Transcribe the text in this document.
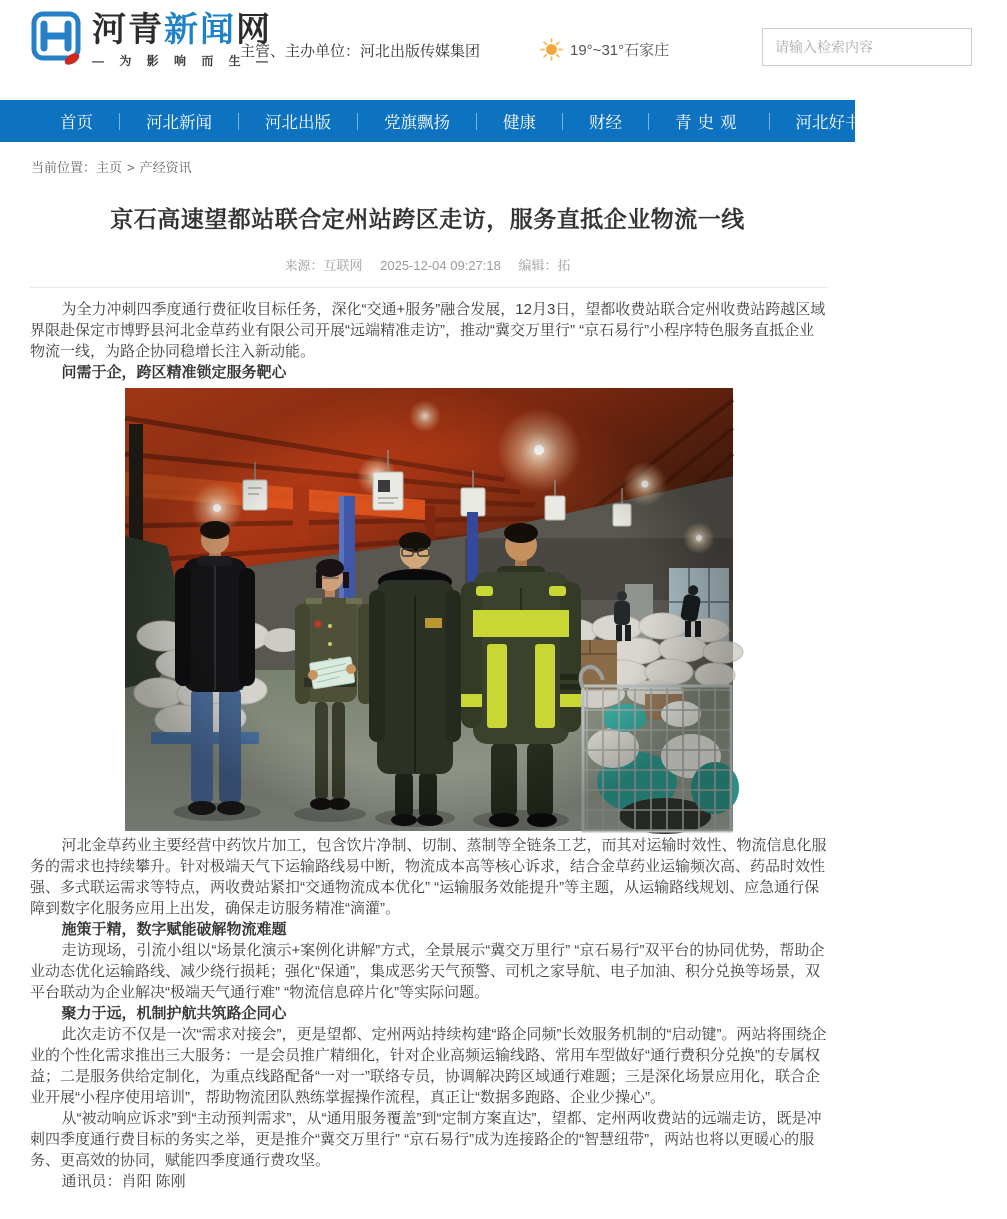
河青新闻网
— 为 影 响 而 生 —
主管、主办单位：河北出版传媒集团	19°~31°石家庄
请输入检索内容
首页	河北新闻	河北出版	党旗飘扬	健康	财经	青史观	河北好书	全民辟谣
当前位置：主页 > 产经资讯
京石高速望都站联合定州站跨区走访，服务直抵企业物流一线
来源：互联网 2025-12-04 09:27:18 编辑：拓

为全力冲刺四季度通行费征收目标任务，深化“交通+服务”融合发展，12月3日，望都收费站联合定州收费站跨越区域界限赴保定市博野县河北金草药业有限公司开展“远端精准走访”，推动“冀交万里行” “京石易行”小程序特色服务直抵企业物流一线，为路企协同稳增长注入新动能。

问需于企，跨区精准锁定服务靶心

河北金草药业主要经营中药饮片加工，包含饮片净制、切制、蒸制等全链条工艺，而其对运输时效性、物流信息化服务的需求也持续攀升。针对极端天气下运输路线易中断，物流成本高等核心诉求，结合金草药业运输频次高、药品时效性强、多式联运需求等特点，两收费站紧扣“交通物流成本优化” “运输服务效能提升”等主题，从运输路线规划、应急通行保障到数字化服务应用上出发，确保走访服务精准“滴灌”。

施策于精，数字赋能破解物流难题

走访现场，引流小组以“场景化演示+案例化讲解”方式，全景展示“冀交万里行” “京石易行”双平台的协同优势，帮助企业动态优化运输路线、减少绕行损耗；强化“保通”，集成恶劣天气预警、司机之家导航、电子加油、积分兑换等场景，双平台联动为企业解决“极端天气通行难” “物流信息碎片化”等实际问题。

聚力于远，机制护航共筑路企同心

此次走访不仅是一次“需求对接会”，更是望都、定州两站持续构建“路企同频”长效服务机制的“启动键”。两站将围绕企业的个性化需求推出三大服务：一是会员推广精细化，针对企业高频运输线路、常用车型做好“通行费积分兑换”的专属权益；二是服务供给定制化，为重点线路配备“一对一”联络专员，协调解决跨区域通行难题；三是深化场景应用化，联合企业开展“小程序使用培训”，帮助物流团队熟练掌握操作流程，真正让“数据多跑路、企业少操心”。

从“被动响应诉求”到“主动预判需求”，从“通用服务覆盖”到“定制方案直达”，望都、定州两收费站的远端走访，既是冲刺四季度通行费目标的务实之举，更是推介“冀交万里行” “京石易行”成为连接路企的“智慧纽带”，两站也将以更暖心的服务、更高效的协同，赋能四季度通行费攻坚。

通讯员：肖阳 陈刚
